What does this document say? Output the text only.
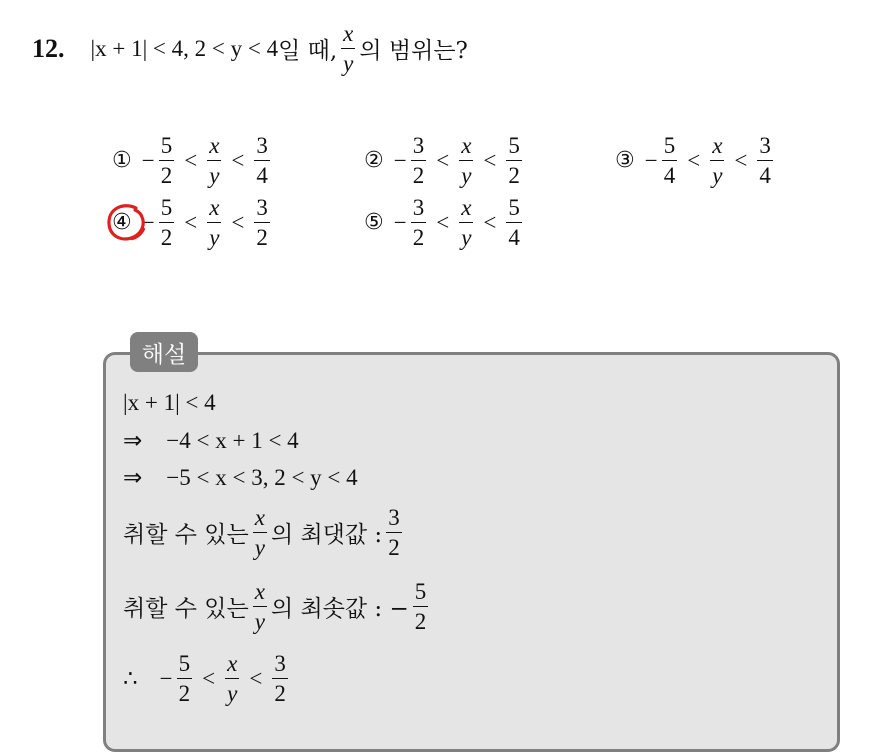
12. |x + 1| < 4, 2 < y < 4 일 때, $\frac{x}{y}$ 의 범위는?
① − $\frac{5}{2} < \frac{x}{y} < \frac{3}{4}$	② − $\frac{3}{2} < \frac{x}{y} < \frac{5}{2}$	③ − $\frac{5}{4} < \frac{x}{y} < \frac{3}{4}$
④ − $\frac{5}{2} < \frac{x}{y} < \frac{3}{2}$	⑤ − $\frac{3}{2} < \frac{x}{y} < \frac{5}{4}$
해설
|x + 1| < 4
⇒ −4 < x + 1 < 4
⇒ −5 < x < 3, 2 < y < 4
취할 수 있는 $\frac{x}{y}$ 의 최댓값 : $\frac{3}{2}$
취할 수 있는 $\frac{x}{y}$ 의 최솟값 : − $\frac{5}{2}$
∴ − $\frac{5}{2} < \frac{x}{y} < \frac{3}{2}$
